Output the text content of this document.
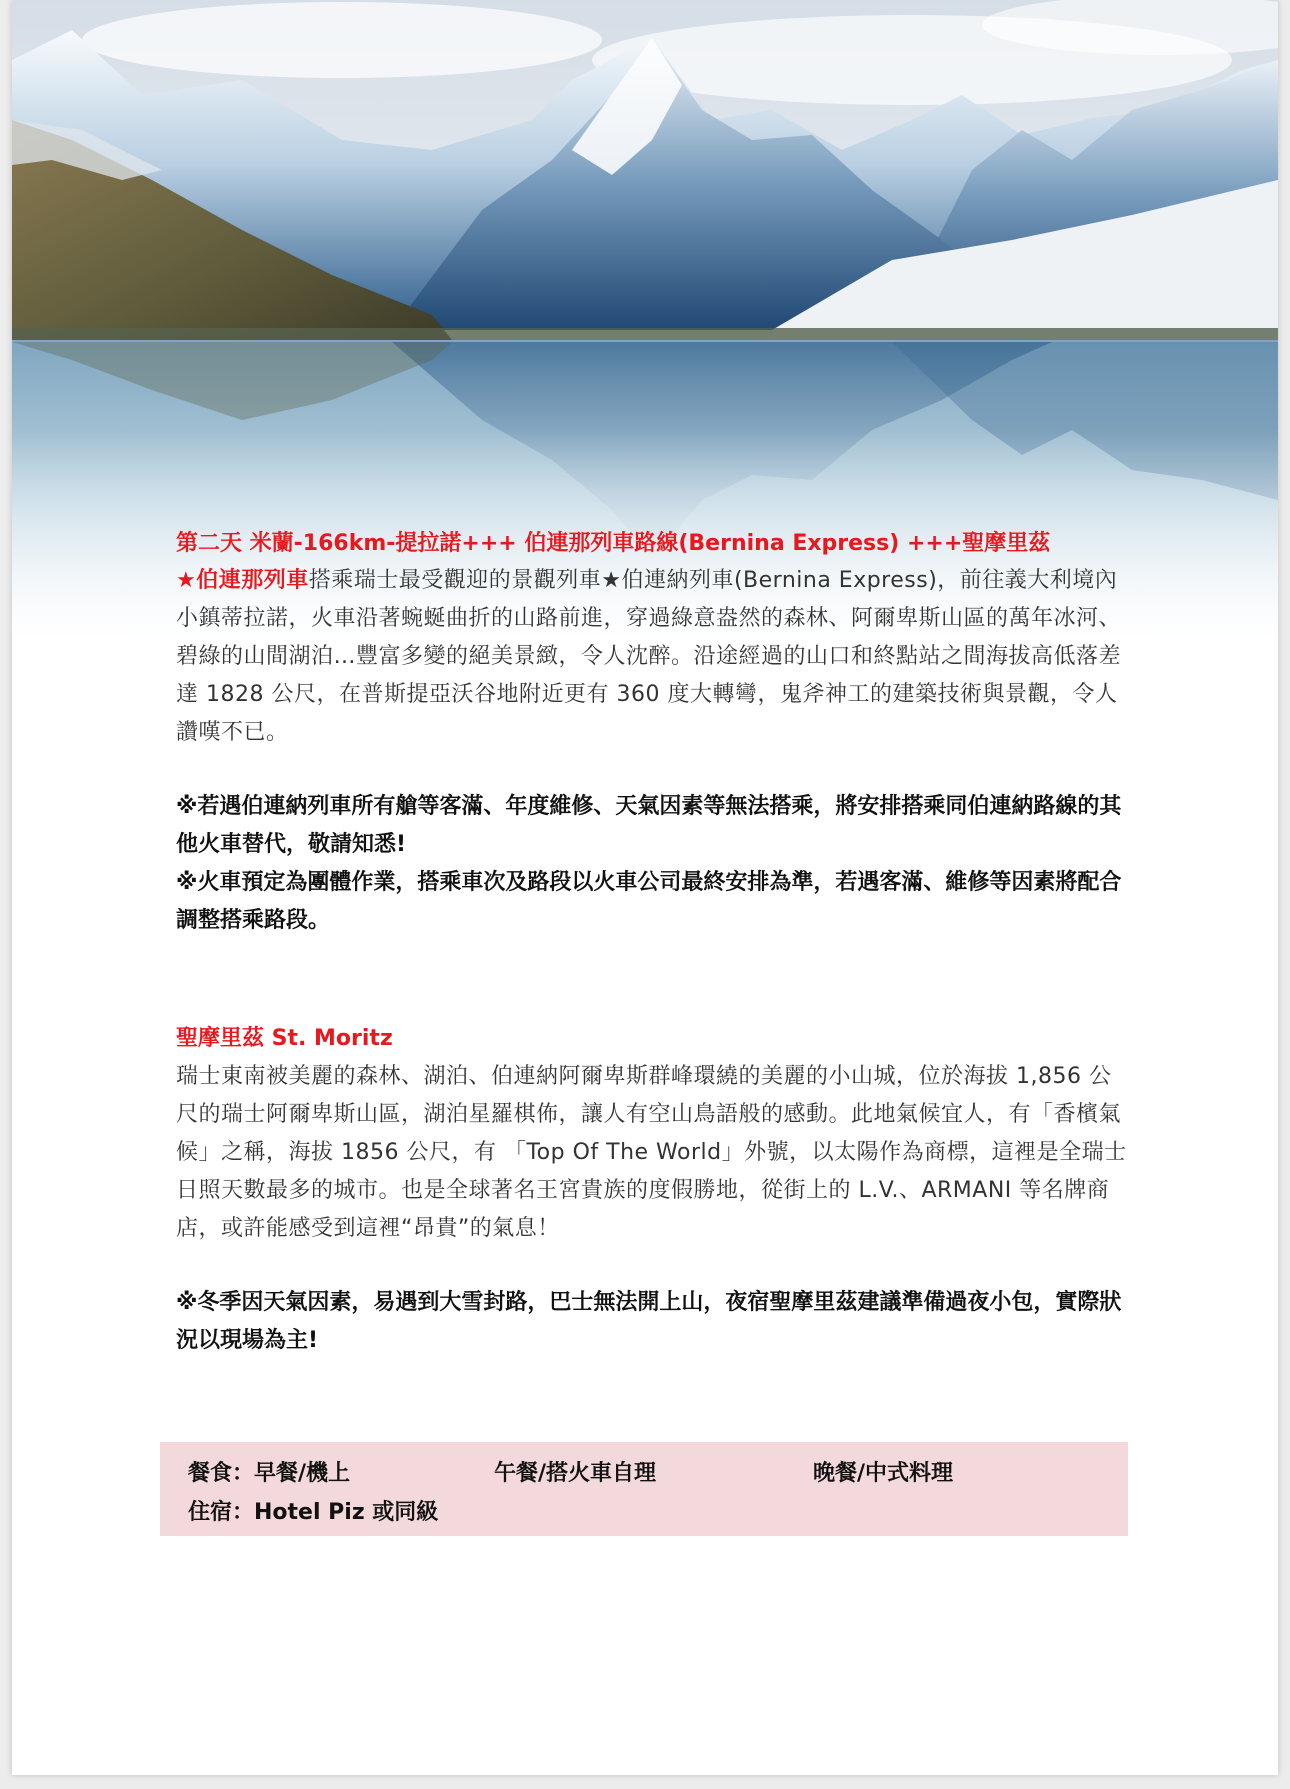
第二天 米蘭-166km-提拉諾+++ 伯連那列車路線(Bernina Express) +++聖摩里茲

★伯連那列車搭乘瑞士最受觀迎的景觀列車★伯連納列車(Bernina Express)，前往義大利境內小鎮蒂拉諾，火車沿著蜿蜒曲折的山路前進，穿過綠意盎然的森林、阿爾卑斯山區的萬年冰河、碧綠的山間湖泊…豐富多變的絕美景緻，令人沈醉。沿途經過的山口和終點站之間海拔高低落差達 1828 公尺，在普斯提亞沃谷地附近更有 360 度大轉彎，鬼斧神工的建築技術與景觀，令人讚嘆不已。

※若遇伯連納列車所有艙等客滿、年度維修、天氣因素等無法搭乘，將安排搭乘同伯連納路線的其他火車替代，敬請知悉!

※火車預定為團體作業，搭乘車次及路段以火車公司最終安排為準，若遇客滿、維修等因素將配合調整搭乘路段。

聖摩里茲 St. Moritz

瑞士東南被美麗的森林、湖泊、伯連納阿爾卑斯群峰環繞的美麗的小山城，位於海拔 1,856 公尺的瑞士阿爾卑斯山區，湖泊星羅棋佈，讓人有空山鳥語般的感動。此地氣候宜人，有「香檳氣候」之稱，海拔 1856 公尺，有 「Top Of The World」外號，以太陽作為商標，這裡是全瑞士日照天數最多的城市。也是全球著名王宮貴族的度假勝地，從街上的 L.V.、ARMANI 等名牌商店，或許能感受到這裡“昂貴”的氣息！

※冬季因天氣因素，易遇到大雪封路，巴士無法開上山，夜宿聖摩里茲建議準備過夜小包，實際狀況以現場為主!

餐食：早餐/機上	午餐/搭火車自理	晚餐/中式料理
住宿：Hotel Piz 或同級
